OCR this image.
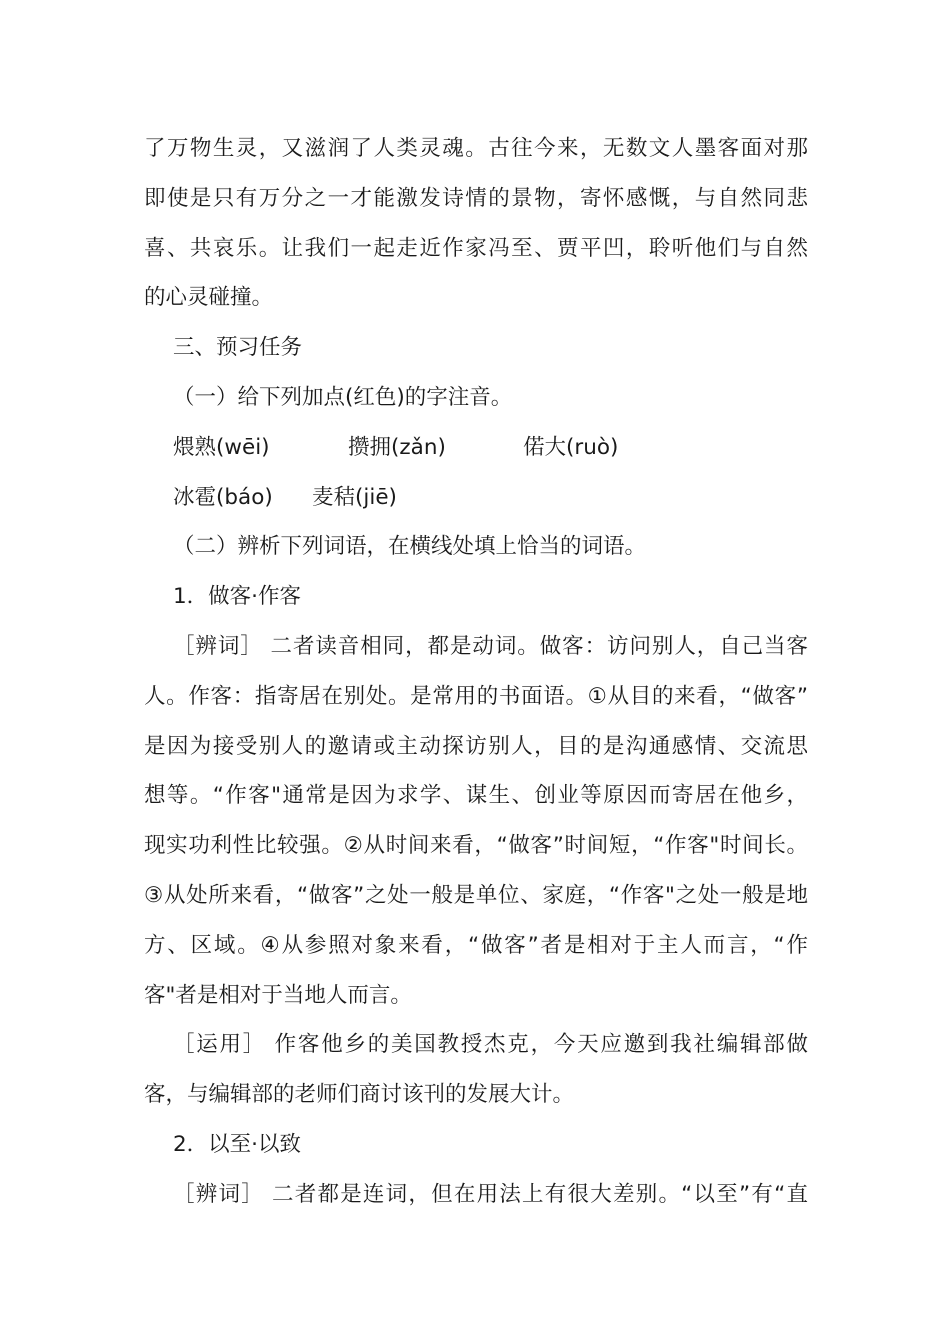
了万物生灵，又滋润了人类灵魂。古往今来，无数文人墨客面对那
即使是只有万分之一才能激发诗情的景物，寄怀感慨，与自然同悲
喜、共哀乐。让我们一起走近作家冯至、贾平凹，聆听他们与自然
的心灵碰撞。
三、预习任务
（一）给下列加点(红色)的字注音。
煨熟(wēi)	攒拥(zǎn)	偌大(ruò)
冰雹(báo) 麦秸(jiē)
（二）辨析下列词语，在横线处填上恰当的词语。
1．做客·作客
［辨词］ 二者读音相同，都是动词。做客：访问别人，自己当客
人。作客：指寄居在别处。是常用的书面语。①从目的来看，“做客”
是因为接受别人的邀请或主动探访别人，目的是沟通感情、交流思
想等。“作客"通常是因为求学、谋生、创业等原因而寄居在他乡，
现实功利性比较强。②从时间来看，“做客”时间短，“作客"时间长。
③从处所来看，“做客”之处一般是单位、家庭，“作客"之处一般是地
方、区域。④从参照对象来看，“做客”者是相对于主人而言，“作
客"者是相对于当地人而言。
［运用］ 作客他乡的美国教授杰克，今天应邀到我社编辑部做
客，与编辑部的老师们商讨该刊的发展大计。
2．以至·以致
［辨词］ 二者都是连词，但在用法上有很大差别。“以至”有“直
